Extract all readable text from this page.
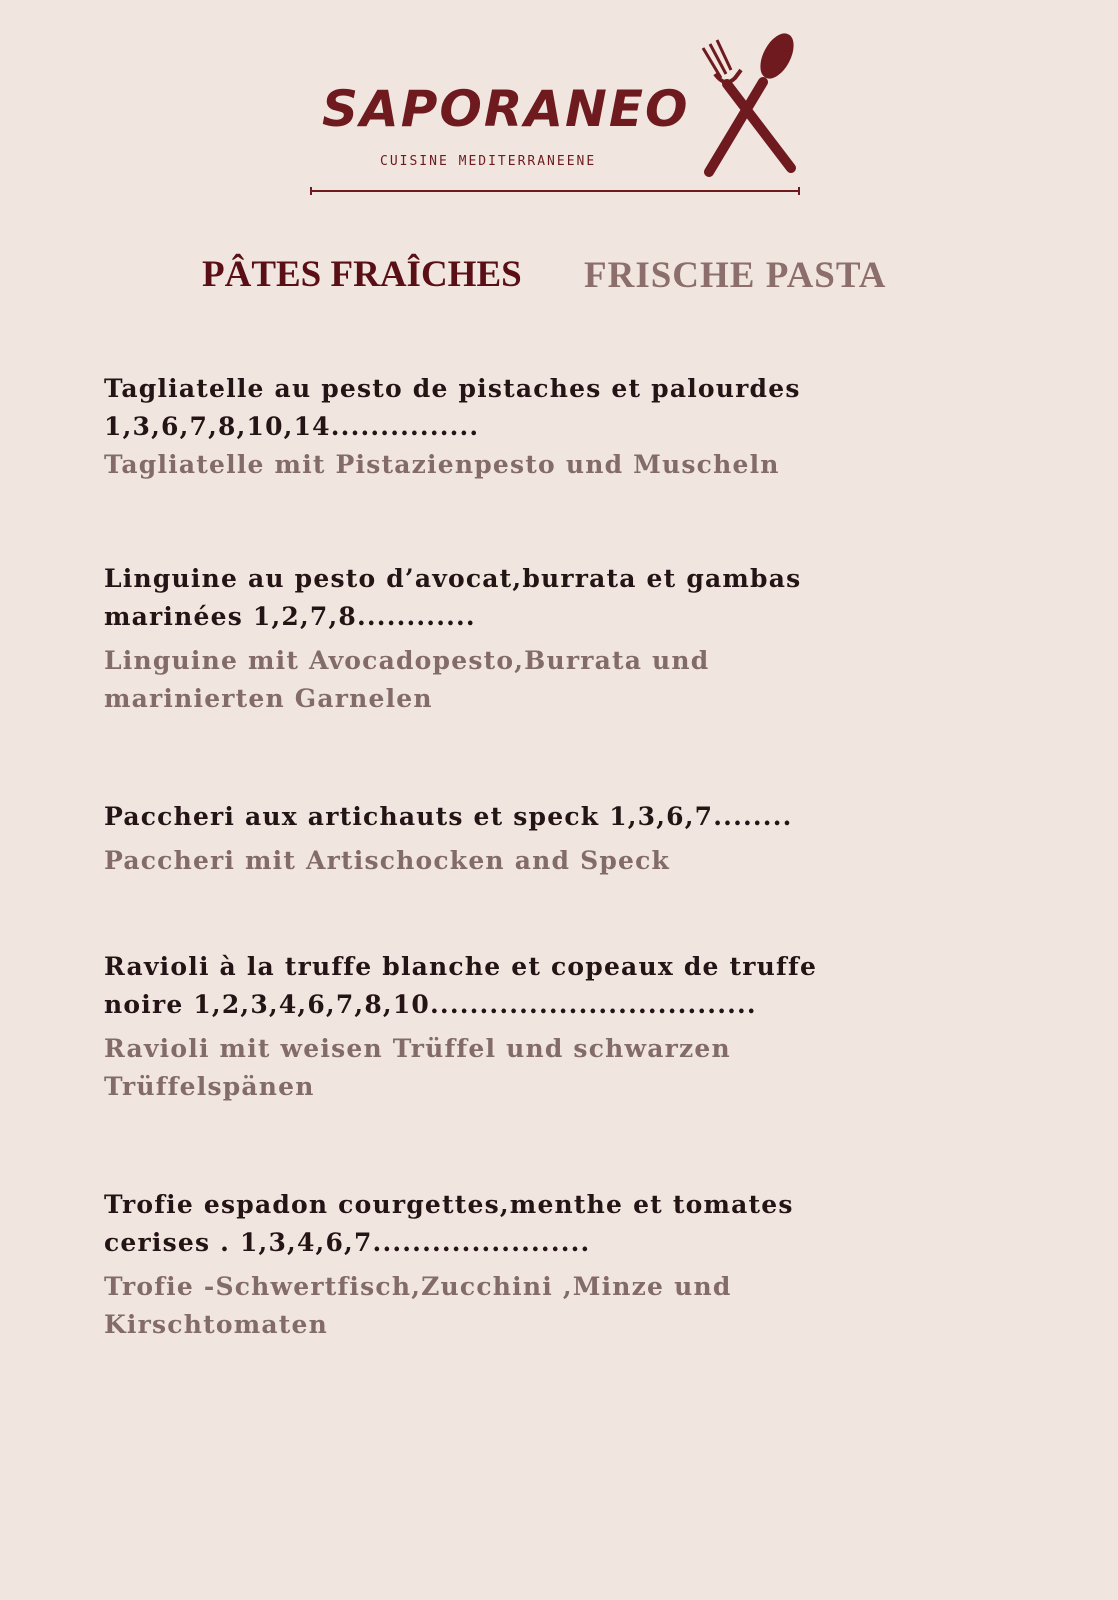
SAPORANEO
CUISINE MEDITERRANEENE
PÂTES FRAÎCHES FRISCHE PASTA

Tagliatelle au pesto de pistaches et palourdes 1,3,6,7,8,10,14...............

Tagliatelle mit Pistazienpesto und Muscheln

Linguine au pesto d’avocat,burrata et gambas marinées 1,2,7,8............

Linguine mit Avocadopesto,Burrata und marinierten Garnelen

Paccheri aux artichauts et speck 1,3,6,7........

Paccheri mit Artischocken and Speck

Ravioli à la truffe blanche et copeaux de truffe noire 1,2,3,4,6,7,8,10.................................

Ravioli mit weisen Trüffel und schwarzen Trüffelspänen

Trofie espadon courgettes,menthe et tomates cerises . 1,3,4,6,7......................

Trofie -Schwertfisch,Zucchini ,Minze und Kirschtomaten
